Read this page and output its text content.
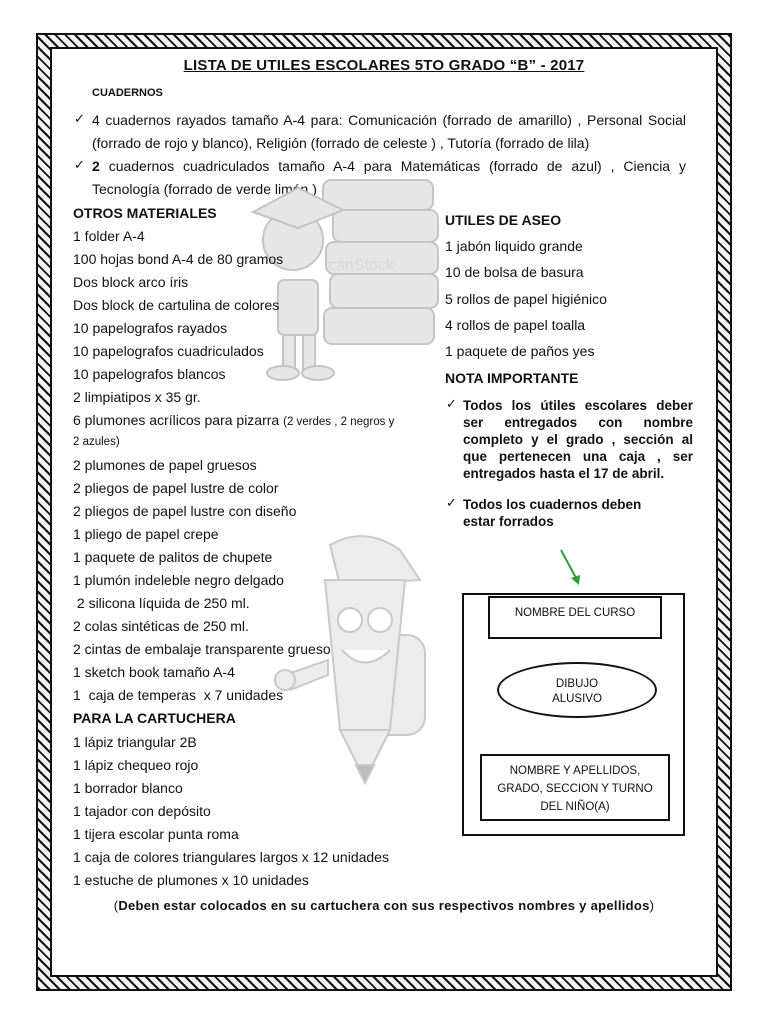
LISTA DE UTILES ESCOLARES 5TO GRADO “B” - 2017
CUADERNOS
✓ 4 cuadernos rayados tamaño A-4 para: Comunicación (forrado de amarillo) , Personal Social
(forrado de rojo y blanco), Religión (forrado de celeste ) , Tutoría (forrado de lila)
✓ 2 cuadernos cuadriculados tamaño A-4 para Matemáticas (forrado de azul) , Ciencia y
Tecnología (forrado de verde limón )
canStock
OTROS MATERIALES
1 folder A-4
100 hojas bond A-4 de 80 gramos
Dos block arco íris
Dos block de cartulina de colores
10 papelografos rayados
10 papelografos cuadriculados
10 papelografos blancos
2 limpiatipos x 35 gr.
6 plumones acrílicos para pizarra (2 verdes , 2 negros y
2 azules)
2 plumones de papel gruesos
2 pliegos de papel lustre de color
2 pliegos de papel lustre con diseño
1 pliego de papel crepe
1 paquete de palitos de chupete
1 plumón indeleble negro delgado
2 silicona líquida de 250 ml.
2 colas sintéticas de 250 ml.
2 cintas de embalaje transparente grueso
1 sketch book tamaño A-4
1  caja de temperas  x 7 unidades
PARA LA CARTUCHERA
1 lápiz triangular 2B
1 lápiz chequeo rojo
1 borrador blanco
1 tajador con depósito
1 tijera escolar punta roma
1 caja de colores triangulares largos x 12 unidades
1 estuche de plumones x 10 unidades
UTILES DE ASEO
1 jabón liquido grande
10 de bolsa de basura
5 rollos de papel higiénico
4 rollos de papel toalla
1 paquete de paños yes
NOTA IMPORTANTE
✓ Todos los útiles escolares deber
ser entregados con nombre
completo y el grado , sección al
que pertenecen una caja , ser
entregados hasta el 17 de abril.
✓ Todos los cuadernos deben
estar forrados
NOMBRE DEL CURSO
DIBUJO
ALUSIVO
NOMBRE Y APELLIDOS,
GRADO, SECCION Y TURNO
DEL NIÑO(A)
(Deben estar colocados en su cartuchera con sus respectivos nombres y apellidos)
